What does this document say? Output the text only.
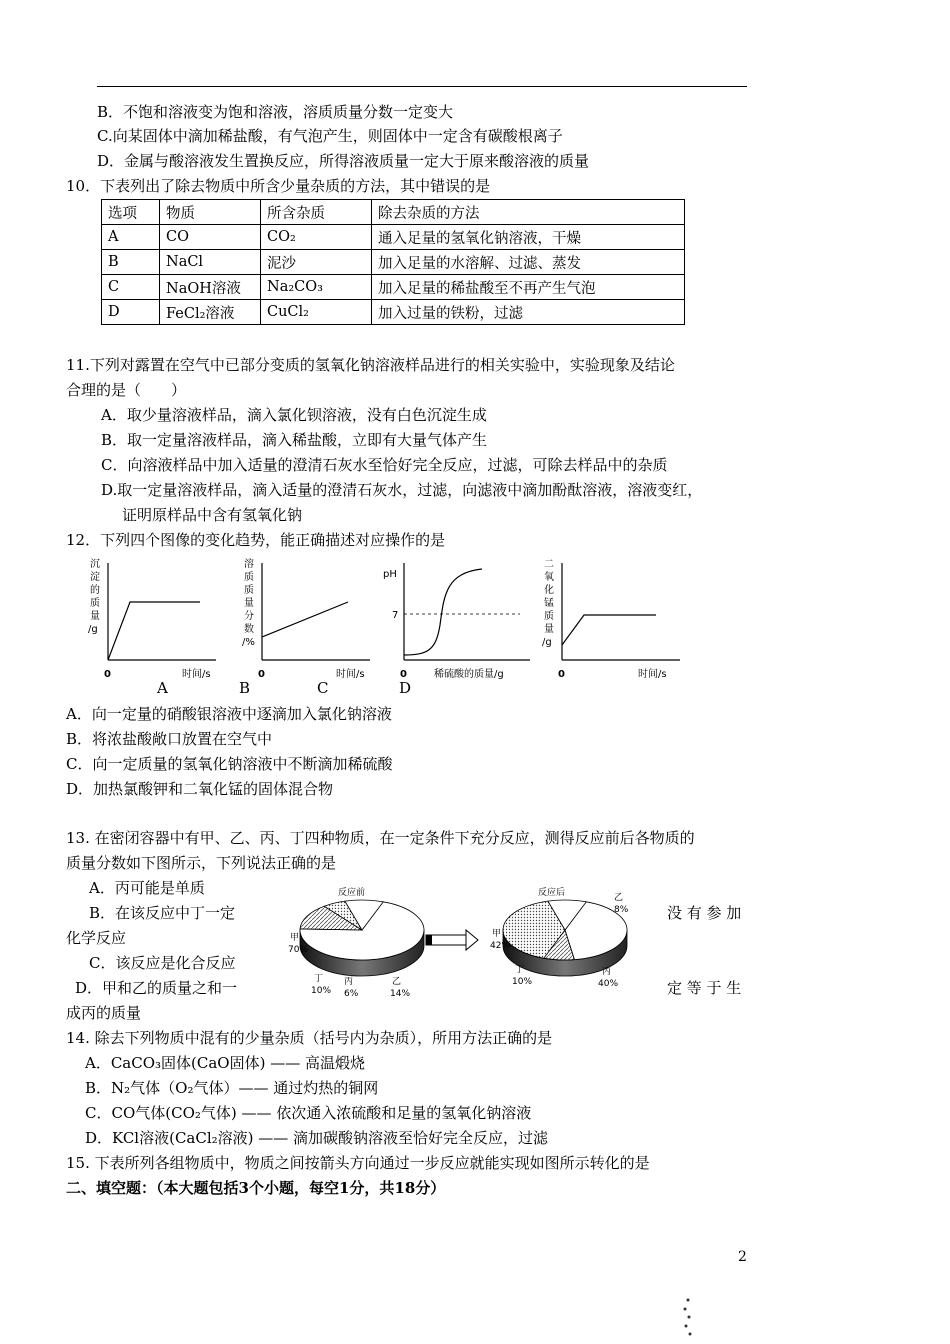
B．不饱和溶液变为饱和溶液，溶质质量分数一定变大
C.向某固体中滴加稀盐酸，有气泡产生，则固体中一定含有碳酸根离子
D．金属与酸溶液发生置换反应，所得溶液质量一定大于原来酸溶液的质量
10．下表列出了除去物质中所含少量杂质的方法，其中错误的是
选项	物质	所含杂质	除去杂质的方法
A	CO	CO₂	通入足量的氢氧化钠溶液，干燥
B	NaCl	泥沙	加入足量的水溶解、过滤、蒸发
C	NaOH溶液	Na₂CO₃	加入足量的稀盐酸至不再产生气泡
D	FeCl₂溶液	CuCl₂	加入过量的铁粉，过滤
11.下列对露置在空气中已部分变质的氢氧化钠溶液样品进行的相关实验中，实验现象及结论
合理的是（　　）
A．取少量溶液样品，滴入氯化钡溶液，没有白色沉淀生成
B．取一定量溶液样品，滴入稀盐酸，立即有大量气体产生
C．向溶液样品中加入适量的澄清石灰水至恰好完全反应，过滤，可除去样品中的杂质
D.取一定量溶液样品，滴入适量的澄清石灰水，过滤，向滤液中滴加酚酞溶液，溶液变红，
证明原样品中含有氢氧化钠
12．下列四个图像的变化趋势，能正确描述对应操作的是
沉
淀
的
质
量
/g
0	时间/s
溶
质
质
量
分
数
/%
0	时间/s
pH
7
0	稀硫酸的质量/g
二
氧
化
锰
质
量
/g
0	时间/s
A	B	C	D
A．向一定量的硝酸银溶液中逐滴加入氯化钠溶液
B．将浓盐酸敞口放置在空气中
C．向一定质量的氢氧化钠溶液中不断滴加稀硫酸
D．加热氯酸钾和二氧化锰的固体混合物
13. 在密闭容器中有甲、乙、丙、丁四种物质，在一定条件下充分反应，测得反应前后各物质的
质量分数如下图所示，下列说法正确的是
A．丙可能是单质
B．在该反应中丁一定	没 有 参 加
化学反应
C．该反应是化合反应
D．甲和乙的质量之和一	定 等 于 生
成丙的质量
反应前
甲
70%
丁
10%
丙
6%
乙
14%
反应后	乙
8%
甲
42%
丁
10%
丙
40%
14. 除去下列物质中混有的少量杂质（括号内为杂质），所用方法正确的是
A．CaCO₃固体(CaO固体) —— 高温煅烧
B．N₂气体（O₂气体）—— 通过灼热的铜网
C．CO气体(CO₂气体) —— 依次通入浓硫酸和足量的氢氧化钠溶液
D．KCl溶液(CaCl₂溶液) —— 滴加碳酸钠溶液至恰好完全反应，过滤
15. 下表所列各组物质中，物质之间按箭头方向通过一步反应就能实现如图所示转化的是
二、填空题：（本大题包括3个小题，每空1分，共18分）
2
